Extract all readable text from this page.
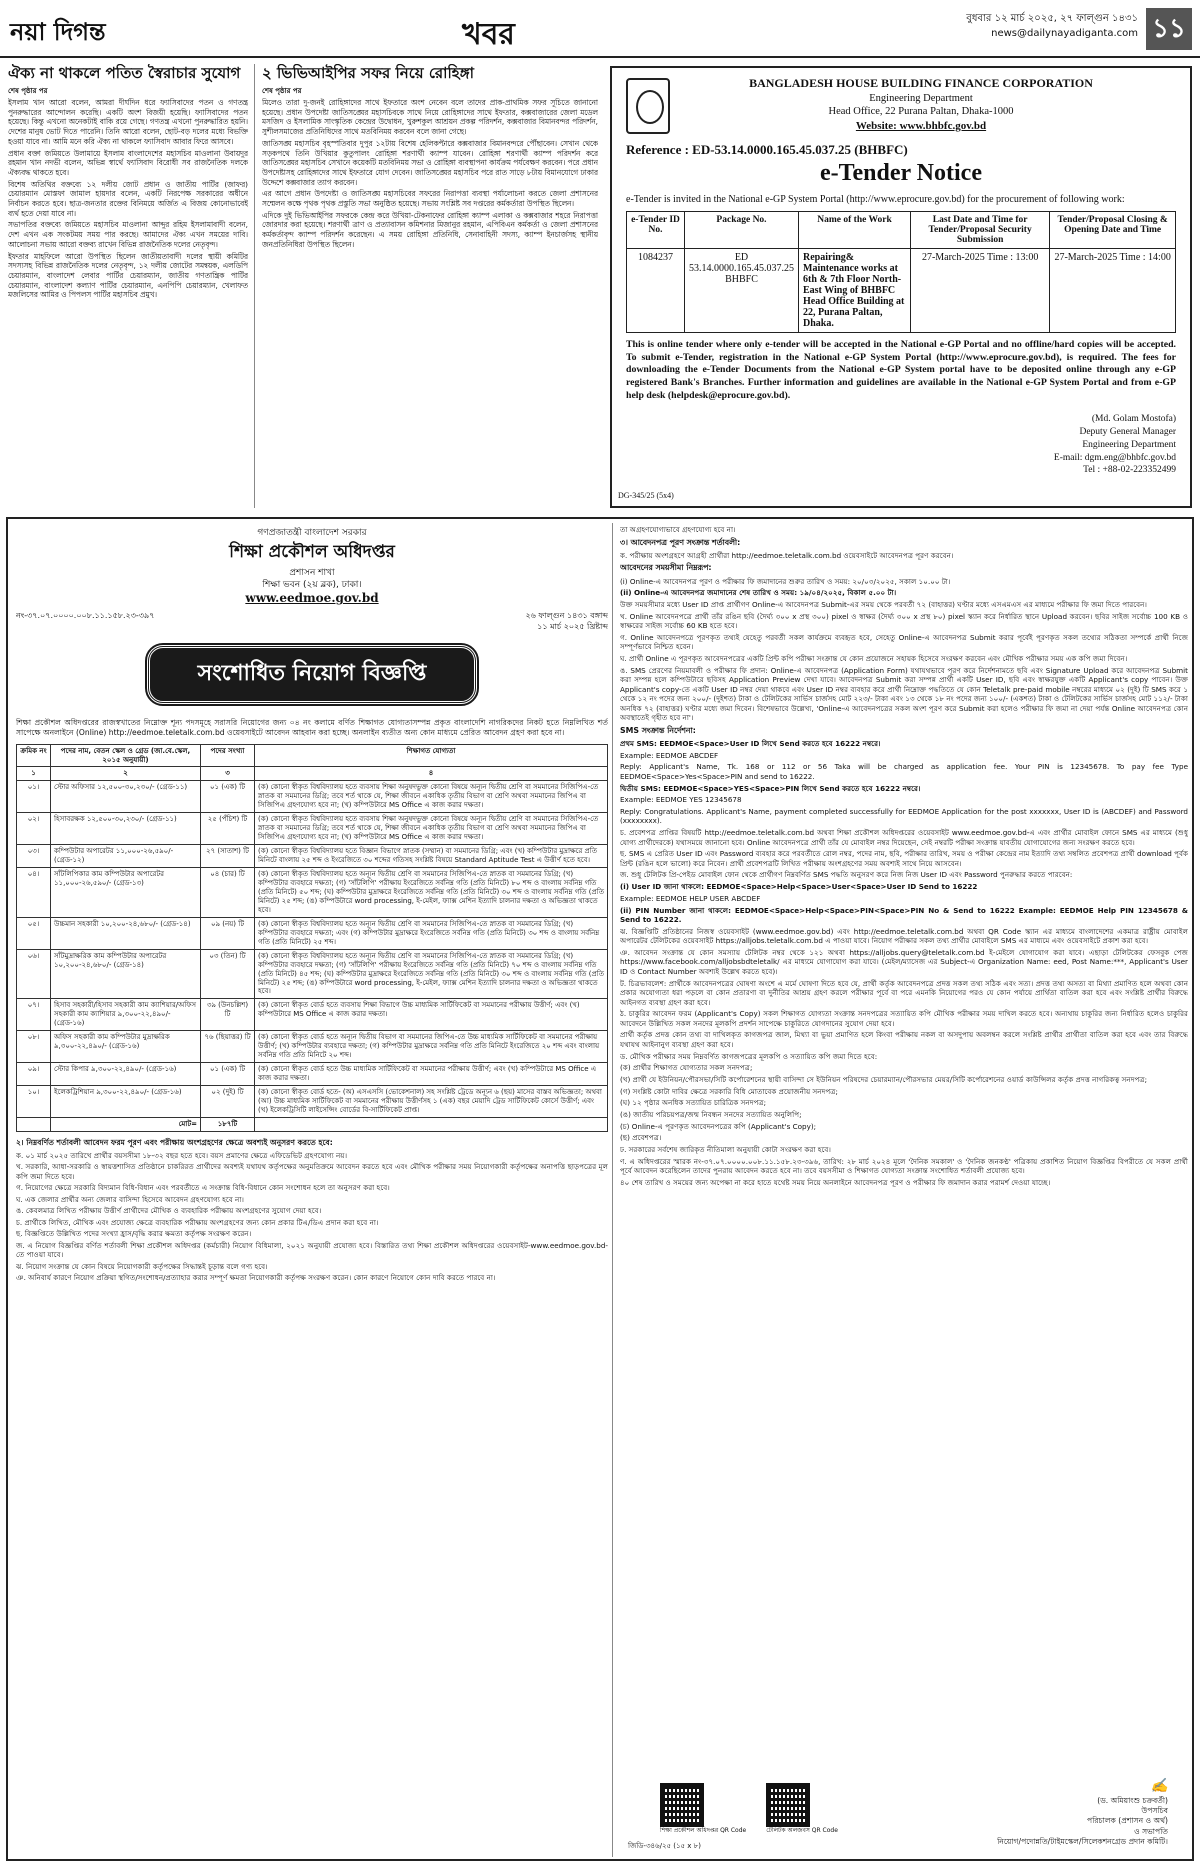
নয়া দিগন্ত	খবর	বুধবার ১২ মার্চ ২০২৫, ২৭ ফাল্গুন ১৪৩১
news@dailynayadiganta.com ১১
ঐক্য না থাকলে পতিত স্বৈরাচার সুযোগ
শেষ পৃষ্ঠার পর

ইসলাম খান আরো বলেন, আমরা দীর্ঘদিন ধরে ফ্যাসিবাদের পতন ও গণতন্ত্র পুনরুদ্ধারের আন্দোলন করেছি। একটি অংশ বিজয়ী হয়েছি। ফ্যাসিবাদের পতন হয়েছে। কিন্তু এখনো অনেকটাই বাকি রয়ে গেছে। গণতন্ত্র এখনো পুনরুদ্ধারিত হয়নি। দেশের মানুষ ভোট দিতে পারেনি। তিনি আরো বলেন, ছোট-বড় দলের মধ্যে বিভক্তি হওয়া যাবে না। আমি মনে করি ঐক্য না থাকলে ফ্যাসিবাদ আবার ফিরে আসবে।

প্রধান বক্তা জমিয়তে উলামায়ে ইসলাম বাংলাদেশের মহাসচিব মাওলানা উবায়দুর রহমান খান নদভী বলেন, অভিন্ন স্বার্থে ফ্যাসিবাদ বিরোধী সব রাজনৈতিক দলকে ঐক্যবদ্ধ থাকতে হবে।

বিশেষ অতিথির বক্তব্যে ১২ দলীয় জোট প্রধান ও জাতীয় পার্টির (জাফর) চেয়ারম্যান মোস্তফা জামাল হায়দার বলেন, একটি নিরপেক্ষ সরকারের অধীনে নির্বাচন করতে হবে। ছাত্র-জনতার রক্তের বিনিময়ে অর্জিত এ বিজয় কোনোভাবেই ব্যর্থ হতে দেয়া যাবে না।

সভাপতির বক্তব্যে জমিয়তে মহাসচিব মাওলানা আব্দুর রহিম ইসলামাবাদী বলেন, দেশ এখন এক সংকটময় সময় পার করছে। আমাদের ঐক্য এখন সময়ের দাবি। আলোচনা সভায় আরো বক্তব্য রাখেন বিভিন্ন রাজনৈতিক দলের নেতৃবৃন্দ।

ইফতার মাহফিলে আরো উপস্থিত ছিলেন জাতীয়তাবাদী দলের স্থায়ী কমিটির সদস্যসহ বিভিন্ন রাজনৈতিক দলের নেতৃবৃন্দ, ১২ দলীয় জোটের সমন্বয়ক, এলডিপি চেয়ারম্যান, বাংলাদেশ লেবার পার্টির চেয়ারম্যান, জাতীয় গণতান্ত্রিক পার্টির চেয়ারম্যান, বাংলাদেশ কল্যাণ পার্টির চেয়ারম্যান, এনপিপি চেয়ারম্যান, খেলাফত মজলিসের আমির ও পিপলস পার্টির মহাসচিব প্রমুখ।

২ ভিভিআইপির সফর নিয়ে রোহিঙ্গা
শেষ পৃষ্ঠার পর

মিলেও তারা দু-জনই রোহিঙ্গাদের সাথে ইফতারে অংশ নেবেন বলে তাদের প্রাক-প্রাথমিক সফর সূচিতে জানানো হয়েছে। প্রধান উপদেষ্টা জাতিসঙ্ঘের মহাসচিবকে সাথে নিয়ে রোহিঙ্গাদের সাথে ইফতার, কক্সবাজারের জেলা মডেল মসজিদ ও ইসলামিক সাংস্কৃতিক কেন্দ্রের উদ্বোধন, খুরুশকুল আশ্রয়ন প্রকল্প পরিদর্শন, কক্সবাজার বিমানবন্দর পরিদর্শন, সুশীলসমাজের প্রতিনিধিদের সাথে মতবিনিময় করবেন বলে জানা গেছে।

জাতিসঙ্ঘ মহাসচিব বৃহস্পতিবার দুপুর ১২টায় বিশেষ হেলিকপ্টারে কক্সবাজার বিমানবন্দরে পৌঁছাবেন। সেখান থেকে সড়কপথে তিনি উখিয়ার কুতুপালং রোহিঙ্গা শরণার্থী ক্যাম্প যাবেন। রোহিঙ্গা শরণার্থী ক্যাম্প পরিদর্শন করে জাতিসঙ্ঘের মহাসচিব সেখানে কয়েকটি মতবিনিময় সভা ও রোহিঙ্গা ব্যবস্থাপনা কার্যক্রম পর্যবেক্ষণ করবেন। পরে প্রধান উপদেষ্টাসহ রোহিঙ্গাদের সাথে ইফতারে যোগ দেবেন। জাতিসঙ্ঘের মহাসচিব পরে রাত সাড়ে ৮টায় বিমানযোগে ঢাকার উদ্দেশে কক্সবাজার ত্যাগ করবেন।

এর আগে প্রধান উপদেষ্টা ও জাতিসঙ্ঘ মহাসচিবের সফরের নিরাপত্তা ব্যবস্থা পর্যালোচনা করতে জেলা প্রশাসনের সম্মেলন কক্ষে পৃথক পৃথক প্রস্তুতি সভা অনুষ্ঠিত হয়েছে। সভায় সংশ্লিষ্ট সব দপ্তরের কর্মকর্তারা উপস্থিত ছিলেন।

এদিকে দুই ভিভিআইপির সফরকে কেন্দ্র করে উখিয়া-টেকনাফের রোহিঙ্গা ক্যাম্প এলাকা ও কক্সবাজার শহরে নিরাপত্তা জোরদার করা হয়েছে। শরণার্থী ত্রাণ ও প্রত্যাবাসন কমিশনার মিজানুর রহমান, এপিবিএন কর্মকর্তা ও জেলা প্রশাসনের কর্মকর্তাবৃন্দ ক্যাম্প পরিদর্শন করেছেন। এ সময় রোহিঙ্গা প্রতিনিধি, সেনাবাহিনী সদস্য, ক্যাম্প ইনচার্জসহ স্থানীয় জনপ্রতিনিধিরা উপস্থিত ছিলেন।

BANGLADESH HOUSE BUILDING FINANCE CORPORATION
Engineering Department
Head Office, 22 Purana Paltan, Dhaka-1000
Website: www.bhbfc.gov.bd
Reference : ED-53.14.0000.165.45.037.25 (BHBFC)
e-Tender Notice
e-Tender is invited in the National e-GP System Portal (http://www.eprocure.gov.bd) for the procurement of following work:
e-Tender ID No.	Package No.	Name of the Work	Last Date and Time for Tender/Proposal Security Submission	Tender/Proposal Closing & Opening Date and Time
1084237	ED 53.14.0000.165.45.037.25 BHBFC	Repairing& Maintenance works at 6th & 7th Floor North-East Wing of BHBFC Head Office Building at 22, Purana Paltan, Dhaka.	27-March-2025 Time : 13:00	27-March-2025 Time : 14:00
This is online tender where only e-tender will be accepted in the National e-GP Portal and no offline/hard copies will be accepted. To submit e-Tender, registration in the National e-GP System Portal (http://www.eprocure.gov.bd), is required. The fees for downloading the e-Tender Documents from the National e-GP System portal have to be deposited online through any e-GP registered Bank's Branches. Further information and guidelines are available in the National e-GP System Portal and from e-GP help desk (helpdesk@eprocure.gov.bd).
(Md. Golam Mostofa)
Deputy General Manager
Engineering Department
E-mail: dgm.eng@bhbfc.gov.bd
Tel : +88-02-223352499
DG-345/25 (5x4)
গণপ্রজাতন্ত্রী বাংলাদেশ সরকার
শিক্ষা প্রকৌশল অধিদপ্তর
প্রশাসন শাখা
শিক্ষা ভবন (২য় ব্লক), ঢাকা।
www.eedmoe.gov.bd
নং-৩৭.০৭.০০০০.০০৮.১১.১৫৮.২৩-৩৯৭	২৬ ফাল্গুন ১৪৩১ বঙ্গাব্দ
১১ মার্চ ২০২৫ খ্রিষ্টাব্দ
সংশোধিত নিয়োগ বিজ্ঞপ্তি
শিক্ষা প্রকৌশল অধিদপ্তরের রাজস্বখাতের নিম্নোক্ত শূন্য পদসমূহে সরাসরি নিয়োগের জন্য ০৪ নং কলামে বর্ণিত শিক্ষাগত যোগ্যতাসম্পন্ন প্রকৃত বাংলাদেশি নাগরিকদের নিকট হতে নিম্নলিখিত শর্ত সাপেক্ষে অনলাইনে (Online) http://eedmoe.teletalk.com.bd ওয়েবসাইটে আবেদন আহবান করা হচ্ছে। অনলাইন ব্যতীত অন্য কোন মাধ্যমে প্রেরিত আবেদন গ্রহণ করা হবে না।
ক্রমিক নং	পদের নাম, বেতন স্কেল ও গ্রেড (জা.বে.স্কেল, ২০১৫ অনুযায়ী)	পদের সংখ্যা	শিক্ষাগত যোগ্যতা
১	২	৩	৪
০১।	স্টোর অফিসার ১২,৫০০-৩০,২৩০/- (গ্রেড-১১)	০১ (এক) টি	(ক) কোনো স্বীকৃত বিশ্ববিদ্যালয় হতে ব্যবসায় শিক্ষা অনুষদভুক্ত কোনো বিষয়ে অন্যূন দ্বিতীয় শ্রেণি বা সমমানের সিজিপিএ-তে স্নাতক বা সমমানের ডিগ্রি; তবে শর্ত থাকে যে, শিক্ষা জীবনে একাধিক তৃতীয় বিভাগ বা শ্রেণি অথবা সমমানের জিপিএ বা সিজিপিএ গ্রহণযোগ্য হবে না; (খ) কম্পিউটারে MS Office এ কাজ করার দক্ষতা।
০২।	হিসাবরক্ষক ১২,৫০০-৩০,২৩০/- (গ্রেড-১১)	২৫ (পঁচিশ) টি	(ক) কোনো স্বীকৃত বিশ্ববিদ্যালয় হতে ব্যবসায় শিক্ষা অনুষদভুক্ত কোনো বিষয়ে অন্যূন দ্বিতীয় শ্রেণি বা সমমানের সিজিপিএ-তে স্নাতক বা সমমানের ডিগ্রি; তবে শর্ত থাকে যে, শিক্ষা জীবনে একাধিক তৃতীয় বিভাগ বা শ্রেণি অথবা সমমানের জিপিএ বা সিজিপিএ গ্রহণযোগ্য হবে না; (খ) কম্পিউটারে MS Office এ কাজ করার দক্ষতা।
০৩।	কম্পিউটার অপারেটর ১১,০০০-২৬,৫৯০/- (গ্রেড-১২)	২৭ (সাতাশ) টি	(ক) কোনো স্বীকৃত বিশ্ববিদ্যালয় হতে বিজ্ঞান বিভাগে স্নাতক (সম্মান) বা সমমানের ডিগ্রি; এবং (খ) কম্পিউটার মুদ্রাক্ষরে প্রতি মিনিটে বাংলায় ২৫ শব্দ ও ইংরেজিতে ৩০ শব্দের গতিসহ সংশ্লিষ্ট বিষয়ে Standard Aptitude Test এ উত্তীর্ণ হতে হবে।
০৪।	সাঁটলিপিকার কাম কম্পিউটার অপারেটর ১১,০০০-২৬,৫৯০/- (গ্রেড-১৩)	০৪ (চার) টি	(ক) কোনো স্বীকৃত বিশ্ববিদ্যালয় হতে অন্যূন দ্বিতীয় শ্রেণি বা সমমানের সিজিপিএ-তে স্নাতক বা সমমানের ডিগ্রি; (খ) কম্পিউটার ব্যবহারে দক্ষতা; (গ) 'সাঁটলিপি' পরীক্ষায় ইংরেজিতে সর্বনিম্ন গতি (প্রতি মিনিটে) ৮০ শব্দ ও বাংলায় সর্বনিম্ন গতি (প্রতি মিনিটে) ৫০ শব্দ; (ঘ) কম্পিউটার মুদ্রাক্ষরে ইংরেজিতে সর্বনিম্ন গতি (প্রতি মিনিটে) ৩০ শব্দ ও বাংলায় সর্বনিম্ন গতি (প্রতি মিনিটে) ২৫ শব্দ; (ঙ) কম্পিউটারে word processing, ই-মেইল, ফ্যাক্স মেশিন ইত্যাদি চালনার দক্ষতা ও অভিজ্ঞতা থাকতে হবে।
০৫।	উচ্চমান সহকারী ১০,২০০-২৪,৬৮০/- (গ্রেড-১৪)	০৯ (নয়) টি	(ক) কোনো স্বীকৃত বিশ্ববিদ্যালয় হতে অন্যূন দ্বিতীয় শ্রেণি বা সমমানের সিজিপিএ-তে স্নাতক বা সমমানের ডিগ্রি; (খ) কম্পিউটার ব্যবহারে দক্ষতা; এবং (গ) কম্পিউটার মুদ্রাক্ষরে ইংরেজিতে সর্বনিম্ন গতি (প্রতি মিনিটে) ৩০ শব্দ ও বাংলায় সর্বনিম্ন গতি (প্রতি মিনিটে) ২৫ শব্দ।
০৬।	সাঁটমুদ্রাক্ষরিক কাম কম্পিউটার অপারেটর ১০,২০০-২৪,৬৮০/- (গ্রেড-১৪)	০৩ (তিন) টি	(ক) কোনো স্বীকৃত বিশ্ববিদ্যালয় হতে অন্যূন দ্বিতীয় শ্রেণি বা সমমানের সিজিপিএ-তে স্নাতক বা সমমানের ডিগ্রি; (খ) কম্পিউটার ব্যবহারে দক্ষতা; (গ) 'সাঁটলিপি' পরীক্ষায় ইংরেজিতে সর্বনিম্ন গতি (প্রতি মিনিটে) ৭০ শব্দ ও বাংলায় সর্বনিম্ন গতি (প্রতি মিনিটে) ৪৫ শব্দ; (ঘ) কম্পিউটার মুদ্রাক্ষরে ইংরেজিতে সর্বনিম্ন গতি (প্রতি মিনিটে) ৩০ শব্দ ও বাংলায় সর্বনিম্ন গতি (প্রতি মিনিটে) ২৫ শব্দ; (ঙ) কম্পিউটারে word processing, ই-মেইল, ফ্যাক্স মেশিন ইত্যাদি চালনার দক্ষতা ও অভিজ্ঞতা থাকতে হবে।
০৭।	হিসাব সহকারী/হিসাব সহকারী কাম ক্যাশিয়ার/অফিস সহকারী কাম ক্যাশিয়ার ৯,৩০০-২২,৪৯০/- (গ্রেড-১৬)	৩৯ (উনচল্লিশ) টি	(ক) কোনো স্বীকৃত বোর্ড হতে ব্যবসায় শিক্ষা বিভাগে উচ্চ মাধ্যমিক সার্টিফিকেট বা সমমানের পরীক্ষায় উত্তীর্ণ; এবং (খ) কম্পিউটারে MS Office এ কাজ করার দক্ষতা।
০৮।	অফিস সহকারী কাম কম্পিউটার মুদ্রাক্ষরিক ৯,৩০০-২২,৪৯০/- (গ্রেড-১৬)	৭৬ (ছিয়াত্তর) টি	(ক) কোনো স্বীকৃত বোর্ড হতে অন্যূন দ্বিতীয় বিভাগ বা সমমানের জিপিএ-তে উচ্চ মাধ্যমিক সার্টিফিকেট বা সমমানের পরীক্ষায় উত্তীর্ণ; (খ) কম্পিউটার ব্যবহারে দক্ষতা; (গ) কম্পিউটার মুদ্রাক্ষরে সর্বনিম্ন গতি প্রতি মিনিটে ইংরেজিতে ২০ শব্দ এবং বাংলায় সর্বনিম্ন গতি প্রতি মিনিটে ২০ শব্দ।
০৯।	স্টোর কিপার ৯,৩০০-২২,৪৯০/- (গ্রেড-১৬)	০১ (এক) টি	(ক) কোনো স্বীকৃত বোর্ড হতে উচ্চ মাধ্যমিক সার্টিফিকেট বা সমমানের পরীক্ষায় উত্তীর্ণ; এবং (খ) কম্পিউটারে MS Office এ কাজ করার দক্ষতা।
১০।	ইলেকট্রিশিয়ান ৯,৩০০-২২,৪৯০/- (গ্রেড-১৬)	০২ (দুই) টি	(ক) কোনো স্বীকৃত বোর্ড হতে- (অ) এসএসসি (ভোকেশনাল) সহ সংশ্লিষ্ট ট্রেডে অন্যূন ৬ (ছয়) মাসের বাস্তব অভিজ্ঞতা; অথবা (আ) উচ্চ মাধ্যমিক সার্টিফিকেট বা সমমানের পরীক্ষায় উত্তীর্ণসহ ১ (এক) বছর মেয়াদি ট্রেড সার্টিফিকেট কোর্সে উত্তীর্ণ; এবং (খ) ইলেকট্রিসিটি লাইসেন্সিং বোর্ডের বি-সার্টিফিকেট প্রাপ্ত।
	মোট=	১৮৭টি	
২। নিম্নবর্ণিত শর্তাবলী আবেদন ফরম পূরণ এবং পরীক্ষায় অংশগ্রহণের ক্ষেত্রে অবশ্যই অনুসরণ করতে হবে:

ক. ০১ মার্চ ২০২৫ তারিখে প্রার্থীর বয়সসীমা ১৮-৩২ বছর হতে হবে। বয়স প্রমাণের ক্ষেত্রে এফিডেভিট গ্রহণযোগ্য নয়।

খ. সরকারি, আধা-সরকারি ও স্বায়ত্তশাসিত প্রতিষ্ঠানে চাকরিরত প্রার্থীদের অবশ্যই যথাযথ কর্তৃপক্ষের অনুমতিক্রমে আবেদন করতে হবে এবং মৌখিক পরীক্ষার সময় নিয়োগকারী কর্তৃপক্ষের অনাপত্তি ছাড়পত্রের মূল কপি জমা দিতে হবে।

গ. নিয়োগের ক্ষেত্রে সরকারি বিদ্যমান বিধি-বিধান এবং পরবর্তীতে এ সংক্রান্ত বিধি-বিধানে কোন সংশোধন হলে তা অনুসরণ করা হবে।

ঘ. এক জেলার প্রার্থীর অন্য জেলার বাসিন্দা হিসেবে আবেদন গ্রহণযোগ্য হবে না।

ঙ. কেবলমাত্র লিখিত পরীক্ষায় উত্তীর্ণ প্রার্থীদের মৌখিক ও ব্যবহারিক পরীক্ষায় অংশগ্রহণের সুযোগ দেয়া হবে।

চ. প্রার্থীকে লিখিত, মৌখিক এবং প্রযোজ্য ক্ষেত্রে ব্যবহারিক পরীক্ষায় অংশগ্রহণের জন্য কোন প্রকার টিএ/ডিএ প্রদান করা হবে না।

ছ. বিজ্ঞপ্তিতে উল্লিখিত পদের সংখ্যা হ্রাস/বৃদ্ধি করার ক্ষমতা কর্তৃপক্ষ সংরক্ষণ করেন।

জ. এ নিয়োগ বিজ্ঞপ্তির বর্ণিত শর্তাবলী শিক্ষা প্রকৌশল অধিদপ্তর (কর্মচারী) নিয়োগ বিধিমালা, ২০২১ অনুযায়ী প্রযোজ্য হবে। বিস্তারিত তথ্য শিক্ষা প্রকৌশল অধিদপ্তরের ওয়েবসাইট-www.eedmoe.gov.bd-তে পাওয়া যাবে।

ঝ. নিয়োগ সংক্রান্ত যে কোন বিষয়ে নিয়োগকারী কর্তৃপক্ষের সিদ্ধান্তই চূড়ান্ত বলে গণ্য হবে।

ঞ. অনিবার্য কারণে নিয়োগ প্রক্রিয়া স্থগিত/সংশোধন/প্রত্যাহার করার সম্পূর্ণ ক্ষমতা নিয়োগকারী কর্তৃপক্ষ সংরক্ষণ করেন। কোন কারণে নিয়োগে কোন দাবি করতে পারবে না।

তা অগ্রহণযোগ্যভাবে গ্রহণযোগ্য হবে না।

৩। আবেদনপত্র পূরণ সংক্রান্ত শর্তাবলী:

ক. পরীক্ষায় অংশগ্রহণে আগ্রহী প্রার্থীরা http://eedmoe.teletalk.com.bd ওয়েবসাইটে আবেদনপত্র পূরণ করবেন।

আবেদনের সময়সীমা নিম্নরূপ:

(i) Online-এ আবেদনপত্র পূরণ ও পরীক্ষার ফি জমাদানের শুরুর তারিখ ও সময়: ২০/০৩/২০২৫, সকাল ১০.০০ টা।

(ii) Online-এ আবেদনপত্র জমাদানের শেষ তারিখ ও সময়: ১৯/০৪/২০২৫, বিকাল ৫.০০ টা।

উক্ত সময়সীমার মধ্যে User ID প্রাপ্ত প্রার্থীগণ Online-এ আবেদনপত্র Submit-এর সময় থেকে পরবর্তী ৭২ (বাহাত্তর) ঘণ্টার মধ্যে এসএমএস এর মাধ্যমে পরীক্ষার ফি জমা দিতে পারবেন।

খ. Online আবেদনপত্রে প্রার্থী তাঁর রঙিন ছবি (দৈর্ঘ্য ৩০০ x প্রস্থ ৩০০) pixel ও স্বাক্ষর (দৈর্ঘ্য ৩০০ x প্রস্থ ৮০) pixel স্ক্যান করে নির্ধারিত স্থানে Upload করবেন। ছবির সাইজ সর্বোচ্চ 100 KB ও স্বাক্ষরের সাইজ সর্বোচ্চ 60 KB হতে হবে।

গ. Online আবেদনপত্রে পূরণকৃত তথ্যই যেহেতু পরবর্তী সকল কার্যক্রমে ব্যবহৃত হবে, সেহেতু Online-এ আবেদনপত্র Submit করার পূর্বেই পূরণকৃত সকল তথ্যের সঠিকতা সম্পর্কে প্রার্থী নিজে সম্পূর্ণভাবে নিশ্চিত হবেন।

ঘ. প্রার্থী Online এ পূরণকৃত আবেদনপত্রের একটি প্রিন্ট কপি পরীক্ষা সংক্রান্ত যে কোন প্রয়োজনে সহায়ক হিসেবে সংরক্ষণ করবেন এবং মৌখিক পরীক্ষার সময় এক কপি জমা দিবেন।

ঙ. SMS প্রেরণের নিয়মাবলী ও পরীক্ষার ফি প্রদান: Online-এ আবেদনপত্র (Application Form) যথাযথভাবে পূরণ করে নির্দেশনামতে ছবি এবং Signature Upload করে আবেদনপত্র Submit করা সম্পন্ন হলে কম্পিউটারে ছবিসহ Application Preview দেখা যাবে। আবেদনপত্র Submit করা সম্পন্ন প্রার্থী একটি User ID, ছবি এবং স্বাক্ষরযুক্ত একটি Applicant's copy পাবেন। উক্ত Applicant's copy-তে একটি User ID নম্বর দেয়া থাকবে এবং User ID নম্বর ব্যবহার করে প্রার্থী নিম্নোক্ত পদ্ধতিতে যে কোন Teletalk pre-paid mobile নম্বরের মাধ্যমে ০২ (দুই) টি SMS করে ১ থেকে ১২ নং পদের জন্য ২০০/- (দুইশত) টাকা ও টেলিটকের সার্ভিস চার্জসহ মোট ২২৩/- টাকা এবং ১৩ থেকে ১৮ নং পদের জন্য ১০০/- (একশত) টাকা ও টেলিটকের সার্ভিস চার্জসহ মোট ১১২/- টাকা অনধিক ৭২ (বাহাত্তর) ঘণ্টার মধ্যে জমা দিবেন। বিশেষভাবে উল্লেখ্য, 'Online-এ আবেদনপত্রের সকল অংশ পূরণ করে Submit করা হলেও পরীক্ষার ফি জমা না দেয়া পর্যন্ত Online আবেদনপত্র কোন অবস্থাতেই গৃহীত হবে না'।

SMS সংক্রান্ত নির্দেশনা:

প্রথম SMS: EEDMOE<Space>User ID লিখে Send করতে হবে 16222 নম্বরে।

Example: EEDMOE ABCDEF

Reply: Applicant's Name, Tk. 168 or 112 or 56 Taka will be charged as application fee. Your PIN is 12345678. To pay fee Type EEDMOE<Space>Yes<Space>PIN and send to 16222.

দ্বিতীয় SMS: EEDMOE<Space>YES<Space>PIN লিখে Send করতে হবে 16222 নম্বরে।

Example: EEDMOE YES 12345678

Reply: Congratulations. Applicant's Name, payment completed successfully for EEDMOE Application for the post xxxxxxx, User ID is (ABCDEF) and Password (xxxxxxxx).

চ. প্রবেশপত্র প্রাপ্তির বিষয়টি http://eedmoe.teletalk.com.bd অথবা শিক্ষা প্রকৌশল অধিদপ্তরের ওয়েবসাইট www.eedmoe.gov.bd-এ এবং প্রার্থীর মোবাইল ফোনে SMS এর মাধ্যমে (শুধু যোগ্য প্রার্থীদেরকে) যথাসময়ে জানানো হবে। Online আবেদনপত্রে প্রার্থী তাঁর যে মোবাইল নম্বর দিয়েছেন, সেই নম্বরটি পরীক্ষা সংক্রান্ত যাবতীয় যোগাযোগের জন্য সংরক্ষণ করতে হবে।

ছ. SMS এ প্রেরিত User ID এবং Password ব্যবহার করে পরবর্তীতে রোল নম্বর, পদের নাম, ছবি, পরীক্ষার তারিখ, সময় ও পরীক্ষা কেন্দ্রের নাম ইত্যাদি তথ্য সম্বলিত প্রবেশপত্র প্রার্থী download পূর্বক প্রিন্ট (রঙিন হলে ভালো) করে নিবেন। প্রার্থী প্রবেশপত্রটি লিখিত পরীক্ষায় অংশগ্রহণের সময় অবশ্যই সাথে নিয়ে আসবেন।

জ. শুধু টেলিটক প্রি-পেইড মোবাইল ফোন থেকে প্রার্থীগণ নিম্নবর্ণিত SMS পদ্ধতি অনুসরণ করে নিজ নিজ User ID এবং Password পুনরুদ্ধার করতে পারবেন:

(i) User ID জানা থাকলে: EEDMOE<Space>Help<Space>User<Space>User ID Send to 16222

Example: EEDMOE HELP USER ABCDEF

(ii) PIN Number জানা থাকলে: EEDMOE<Space>Help<Space>PIN<Space>PIN No & Send to 16222 Example: EEDMOE Help PIN 12345678 & Send to 16222.

ঝ. বিজ্ঞপ্তিটি প্রতিষ্ঠানের নিজস্ব ওয়েবসাইট (www.eedmoe.gov.bd) এবং http://eedmoe.teletalk.com.bd অথবা QR Code স্ক্যান এর মাধ্যমে বাংলাদেশের একমাত্র রাষ্ট্রীয় মোবাইল অপারেটর টেলিটকের ওয়েবসাইট https://alljobs.teletalk.com.bd এ পাওয়া যাবে। নিয়োগ পরীক্ষার সকল তথ্য প্রার্থীর মোবাইলে SMS এর মাধ্যমে এবং ওয়েবসাইটে প্রকাশ করা হবে।

ঞ. আবেদন সংক্রান্ত যে কোন সমস্যায় টেলিটক নম্বর থেকে ১২১ অথবা https://alljobs.query@teletalk.com.bd ই-মেইলে যোগাযোগ করা যাবে। এছাড়া টেলিটকের ফেসবুক পেজ https://www.facebook.com/alljobsbdteletalk/ এর মাধ্যমে যোগাযোগ করা যাবে। (মেইল/ম্যাসেজ এর Subject-এ Organization Name: eed, Post Name:***, Applicant's User ID ও Contact Number অবশ্যই উল্লেখ করতে হবে)।

ট. চিত্রভাবলেশ: প্রার্থীকে আবেদনপত্রের ঘোষণা অংশে এ মর্মে ঘোষণা দিতে হবে যে, প্রার্থী কর্তৃক আবেদনপত্রে প্রদত্ত সকল তথ্য সঠিক এবং সত্য। প্রদত্ত তথ্য অসত্য বা মিথ্যা প্রমাণিত হলে অথবা কোন প্রকার অযোগ্যতা ধরা পড়লে বা কোন প্রতারণা বা দুর্নীতির আশ্রয় গ্রহণ করলে পরীক্ষার পূর্বে বা পরে এমনকি নিয়োগের পরও যে কোন পর্যায়ে প্রার্থিতা বাতিল করা হবে এবং সংশ্লিষ্ট প্রার্থীর বিরুদ্ধে আইনগত ব্যবস্থা গ্রহণ করা হবে।

ঠ. চাকুরির আবেদন ফরম (Applicant's Copy) সকল শিক্ষাগত যোগ্যতা সংক্রান্ত সনদপত্রের সত্যায়িত কপি মৌখিক পরীক্ষার সময় দাখিল করতে হবে। অন্যথায় চাকুরির জন্য নির্ধারিত হলেও চাকুরির আবেদনে উল্লিখিত সকল সনদের মূলকপি প্রদর্শন সাপেক্ষে চাকুরিতে যোগদানের সুযোগ দেয়া হবে।

প্রার্থী কর্তৃক প্রদত্ত কোন তথ্য বা দাখিলকৃত কাগজপত্র জাল, মিথ্যা বা ভুয়া প্রমাণিত হলে কিংবা পরীক্ষায় নকল বা অসদুপায় অবলম্বন করলে সংশ্লিষ্ট প্রার্থীর প্রার্থীতা বাতিল করা হবে এবং তার বিরুদ্ধে যথাযথ আইনানুগ ব্যবস্থা গ্রহণ করা হবে।

ড. মৌখিক পরীক্ষার সময় নিম্নবর্ণিত কাগজপত্রের মূলকপি ও সত্যায়িত কপি জমা দিতে হবে:

(ক) প্রার্থীর শিক্ষাগত যোগ্যতার সকল সনদপত্র;

(খ) প্রার্থী যে ইউনিয়ন/পৌরসভা/সিটি কর্পোরেশনের স্থায়ী বাসিন্দা সে ইউনিয়ন পরিষদের চেয়ারম্যান/পৌরসভার মেয়র/সিটি কর্পোরেশনের ওয়ার্ড কাউন্সিলর কর্তৃক প্রদত্ত নাগরিকত্ব সনদপত্র;

(গ) সংশ্লিষ্ট কোটা দাবির ক্ষেত্রে সরকারি বিধি মোতাবেক প্রয়োজনীয় সনদপত্র;

(ঘ) ১২ পৃষ্ঠার অনধিক সত্যায়িত চারিত্রিক সনদপত্র;

(ঙ) জাতীয় পরিচয়পত্র/জন্ম নিবন্ধন সনদের সত্যায়িত অনুলিপি;

(চ) Online-এ পূরণকৃত আবেদনপত্রের কপি (Applicant's Copy);

(ছ) প্রবেশপত্র।

ঢ. সরকারের সর্বশেষ জারিকৃত নীতিমালা অনুযায়ী কোটা সংরক্ষণ করা হবে।

ণ. এ অধিদপ্তরের স্মারক নং-৩৭.০৭.০০০০.০০৮.১১.১৫৮.২৩-৩৯৬, তারিখ: ২৮ মার্চ ২০২৪ মূলে 'দৈনিক সমকাল' ও 'দৈনিক জনকণ্ঠ' পত্রিকায় প্রকাশিত নিয়োগ বিজ্ঞপ্তির বিপরীতে যে সকল প্রার্থী পূর্বে আবেদন করেছিলেন তাদের পুনরায় আবেদন করতে হবে না। তবে বয়সসীমা ও শিক্ষাগত যোগ্যতা সংক্রান্ত সংশোধিত শর্তাবলী প্রযোজ্য হবে।

৪০ শেষ তারিখ ও সময়ের জন্য অপেক্ষা না করে হাতে যথেষ্ট সময় নিয়ে অনলাইনে আবেদনপত্র পূরণ ও পরীক্ষার ফি জমাদান করার পরামর্শ দেওয়া যাচ্ছে।

শিক্ষা প্রকৌশল অধিদপ্তর QR Code	টেলিটক অলজবস QR Code
✍
(ড. অমিয়াংশু চক্রবর্তী)
উপসচিব
পরিচালক (প্রশাসন ও অর্থ)
ও সভাপতি
নিয়োগ/পদোন্নতি/টাইমস্কেল/সিলেকশনগ্রেড প্রদান কমিটি।
জিডি-৩৪৬/২৫ (১৫ x ৮)
